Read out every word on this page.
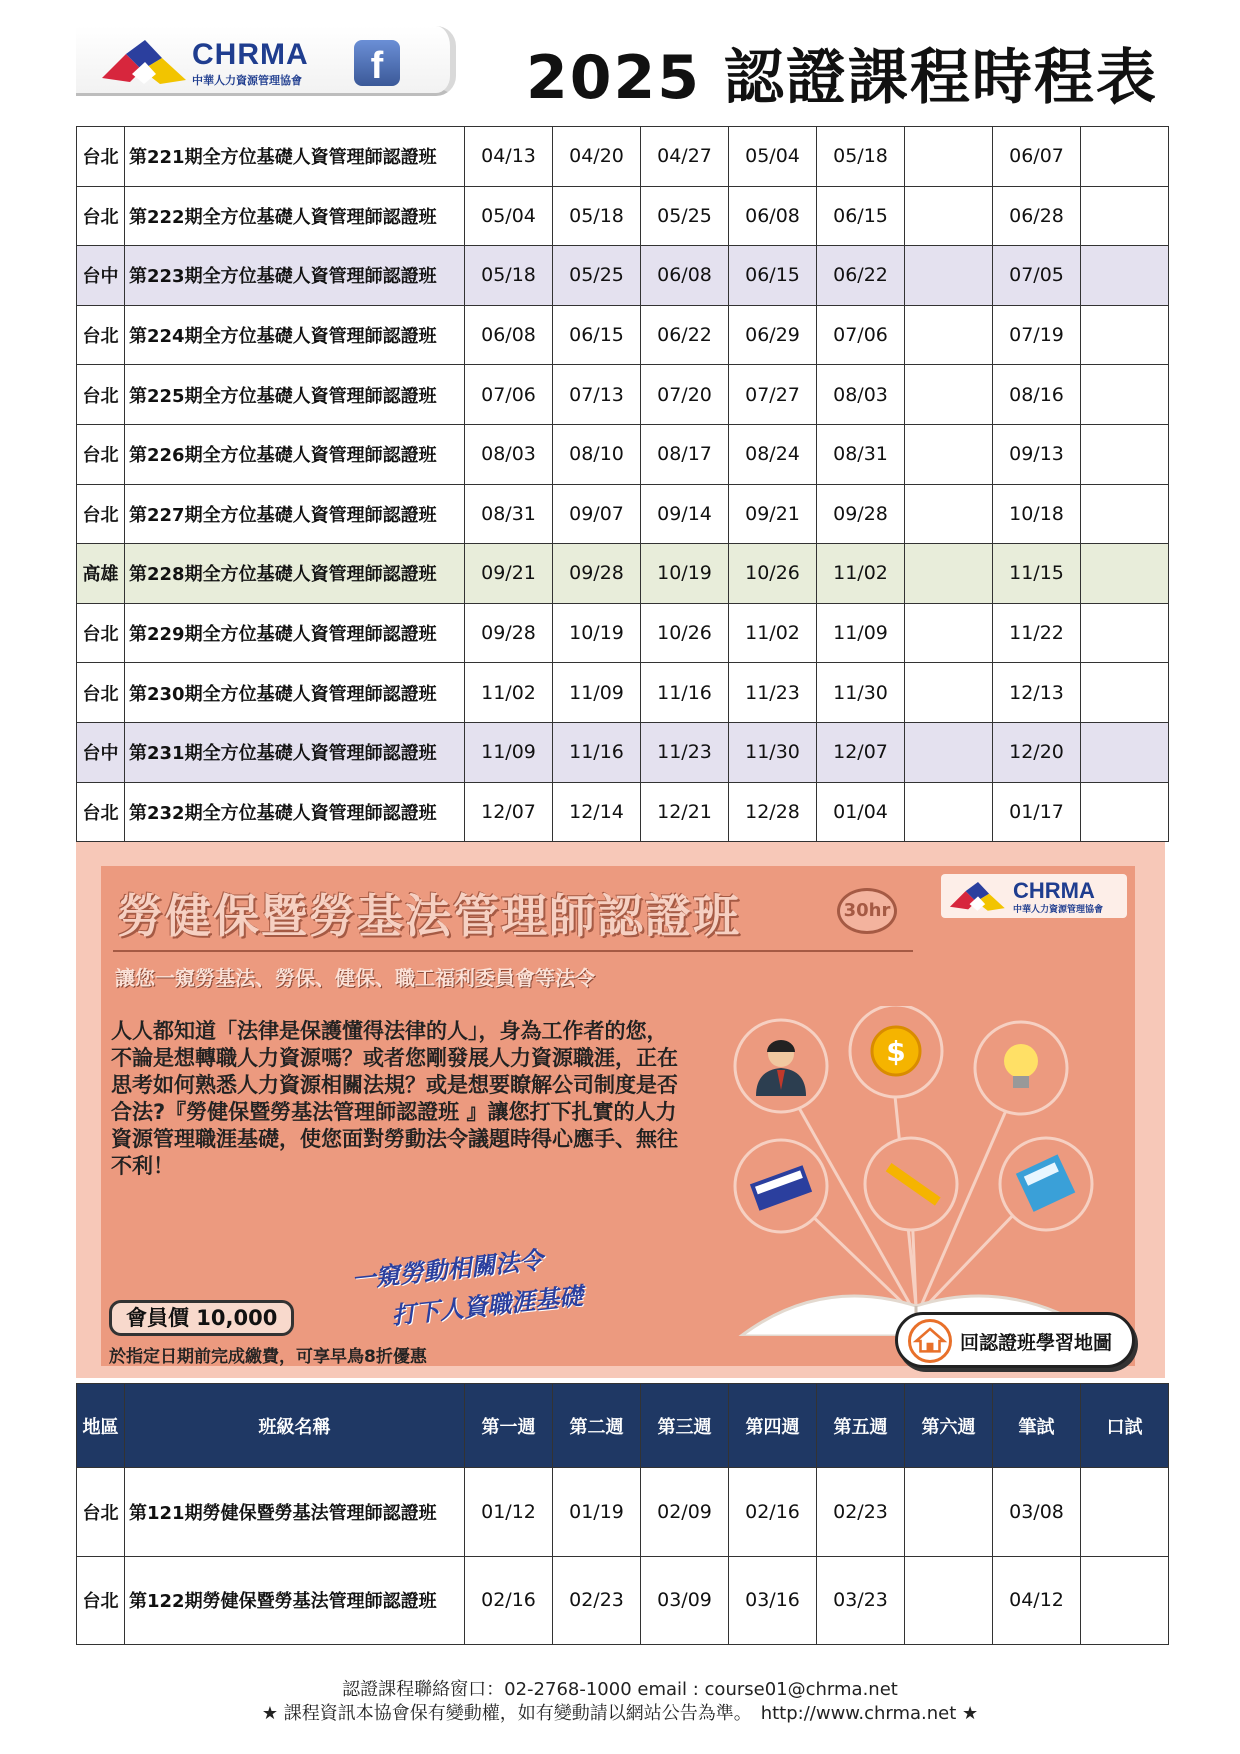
CHRMA
中華人力資源管理協會	f 2025 認證課程時程表
台北	第221期全方位基礎人資管理師認證班	04/13	04/20	04/27	05/04	05/18		06/07	
台北	第222期全方位基礎人資管理師認證班	05/04	05/18	05/25	06/08	06/15		06/28	
台中	第223期全方位基礎人資管理師認證班	05/18	05/25	06/08	06/15	06/22		07/05	
台北	第224期全方位基礎人資管理師認證班	06/08	06/15	06/22	06/29	07/06		07/19	
台北	第225期全方位基礎人資管理師認證班	07/06	07/13	07/20	07/27	08/03		08/16	
台北	第226期全方位基礎人資管理師認證班	08/03	08/10	08/17	08/24	08/31		09/13	
台北	第227期全方位基礎人資管理師認證班	08/31	09/07	09/14	09/21	09/28		10/18	
高雄	第228期全方位基礎人資管理師認證班	09/21	09/28	10/19	10/26	11/02		11/15	
台北	第229期全方位基礎人資管理師認證班	09/28	10/19	10/26	11/02	11/09		11/22	
台北	第230期全方位基礎人資管理師認證班	11/02	11/09	11/16	11/23	11/30		12/13	
台中	第231期全方位基礎人資管理師認證班	11/09	11/16	11/23	11/30	12/07		12/20	
台北	第232期全方位基礎人資管理師認證班	12/07	12/14	12/21	12/28	01/04		01/17	
勞健保暨勞基法管理師認證班	30hr
CHRMA
中華人力資源管理協會
讓您一窺勞基法、勞保、健保、職工福利委員會等法令
人人都知道「法律是保護懂得法律的人」，身為工作者的您，不論是想轉職人力資源嗎？或者您剛發展人力資源職涯，正在思考如何熟悉人力資源相關法規？或是想要瞭解公司制度是否合法?『勞健保暨勞基法管理師認證班 』讓您打下扎實的人力資源管理職涯基礎，使您面對勞動法令議題時得心應手、無往不利！
$
一窺勞動相關法令
打下人資職涯基礎
會員價 10,000
於指定日期前完成繳費，可享早鳥8折優惠
回認證班學習地圖
地區	班級名稱	第一週	第二週	第三週	第四週	第五週	第六週	筆試	口試
台北	第121期勞健保暨勞基法管理師認證班	01/12	01/19	02/09	02/16	02/23		03/08	
台北	第122期勞健保暨勞基法管理師認證班	02/16	02/23	03/09	03/16	03/23		04/12	
認證課程聯絡窗口：02-2768-1000 email : course01@chrma.net
★ 課程資訊本協會保有變動權，如有變動請以網站公告為準。　http://www.chrma.net ★
